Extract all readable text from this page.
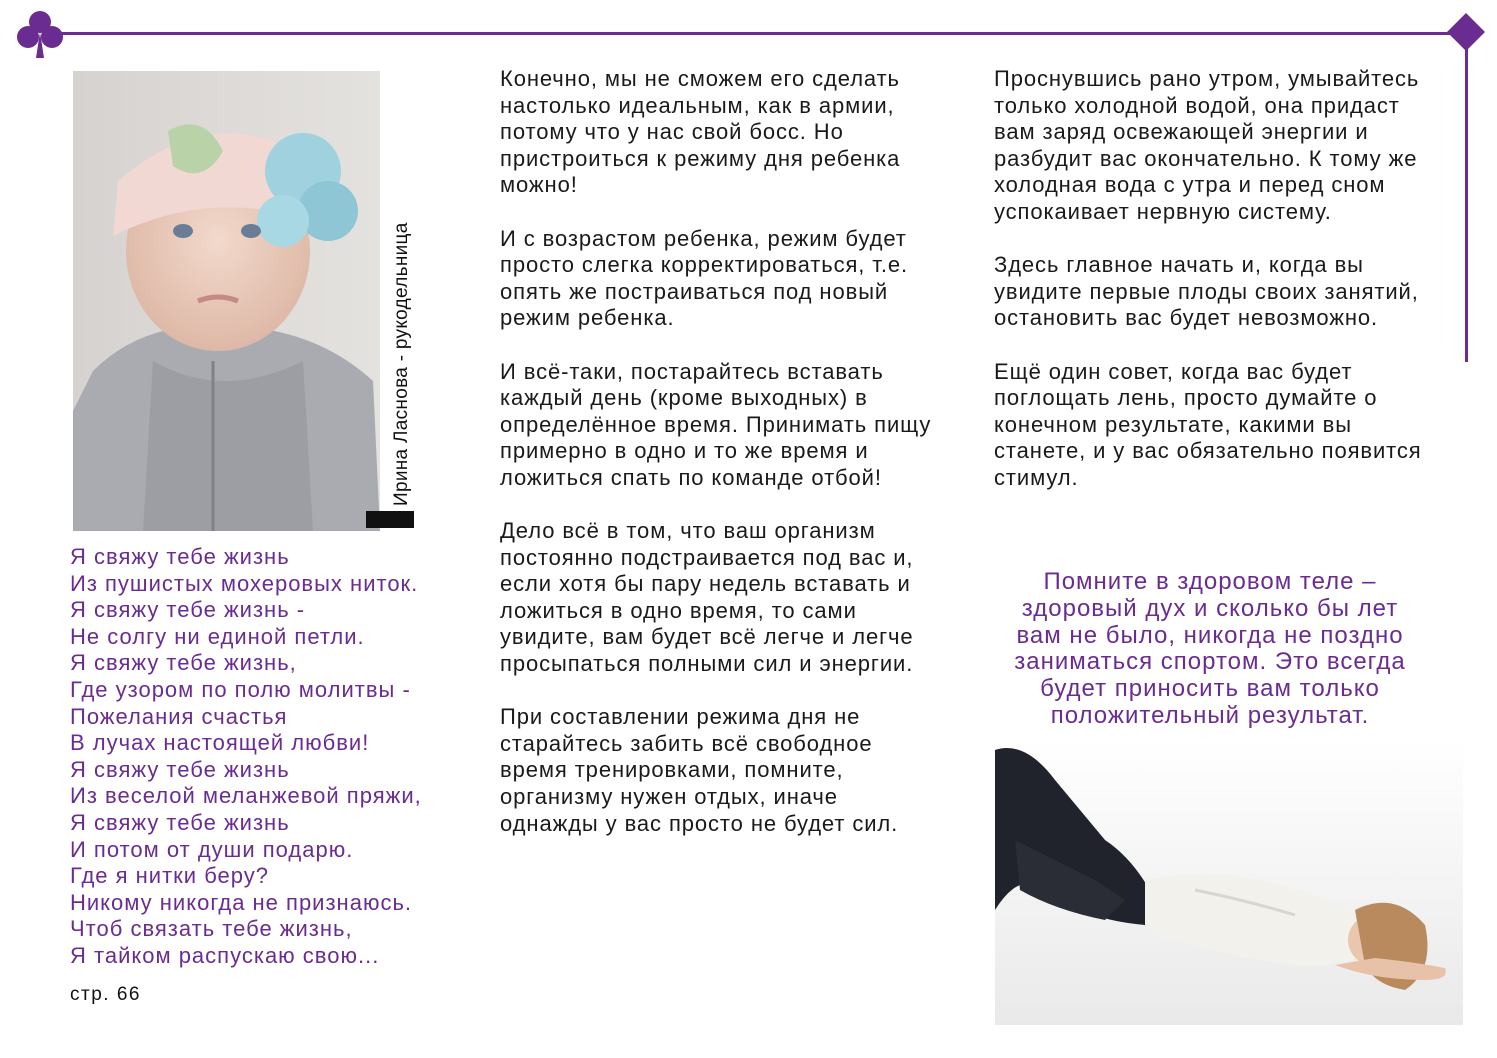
Ирина Ласнова - рукодельница
Я свяжу тебе жизнь
Из пушистых мохеровых ниток.
Я свяжу тебе жизнь -
Не солгу ни единой петли.
Я свяжу тебе жизнь,
Где узором по полю молитвы -
Пожелания счастья
В лучах настоящей любви!
Я свяжу тебе жизнь
Из веселой меланжевой пряжи,
Я свяжу тебе жизнь
И потом от души подарю.
Где я нитки беру?
Никому никогда не признаюсь.
Чтоб связать тебе жизнь,
Я тайком распускаю свою...
стр. 66

Конечно, мы не сможем его сделать настолько идеальным, как в армии, потому что у нас свой босс. Но пристроиться к режиму дня ребенка можно!

И с возрастом ребенка, режим будет просто слегка корректироваться, т.е. опять же постраиваться под новый режим ребенка.

И всё-таки, постарайтесь вставать каждый день (кроме выходных) в определённое время. Принимать пищу примерно в одно и то же время и ложиться спать по команде отбой!

Дело всё в том, что ваш организм постоянно подстраивается под вас и, если хотя бы пару недель вставать и ложиться в одно время, то сами увидите, вам будет всё легче и легче просыпаться полными сил и энергии.

При составлении режима дня не старайтесь забить всё свободное время тренировками, помните, организму нужен отдых, иначе однажды у вас просто не будет сил.

Проснувшись рано утром, умывайтесь только холодной водой, она придаст вам заряд освежающей энергии и разбудит вас окончательно. К тому же холодная вода с утра и перед сном успокаивает нервную систему.

Здесь главное начать и, когда вы увидите первые плоды своих занятий, остановить вас будет невозможно.

Ещё один совет, когда вас будет поглощать лень, просто думайте о конечном результате, какими вы станете, и у вас обязательно появится стимул.

Помните в здоровом теле – здоровый дух и сколько бы лет вам не было, никогда не поздно заниматься спортом. Это всегда будет приносить вам только положительный результат.
